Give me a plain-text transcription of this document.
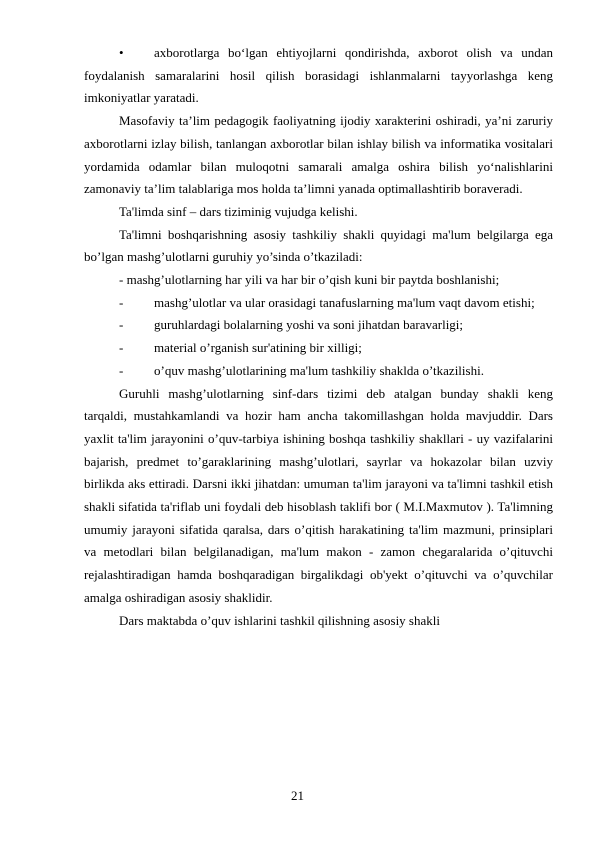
• axborotlarga bo‘lgan ehtiyojlarni qondirishda, axborot olish va undan foydalanish samaralarini hosil qilish borasidagi ishlanmalarni tayyorlashga keng imkoniyatlar yaratadi.

Masofaviy ta’lim pedagogik faoliyatning ijodiy xarakterini oshiradi, ya’ni zaruriy axborotlarni izlay bilish, tanlangan axborotlar bilan ishlay bilish va informatika vositalari yordamida odamlar bilan muloqotni samarali amalga oshira bilish yo‘nalishlarini zamonaviy ta’lim talablariga mos holda ta’limni yanada optimallashtirib boraveradi.

Ta'limda sinf – dars tiziminig vujudga kelishi.

Ta'limni boshqarishning asosiy tashkiliy shakli quyidagi ma'lum belgilarga ega bo’lgan mashg’ulotlarni guruhiy yo’sinda o’tkaziladi:

- mashg’ulotlarning har yili va har bir o’qish kuni bir paytda boshlanishi;

- mashg’ulotlar va ular orasidagi tanafuslarning ma'lum vaqt davom etishi;

- guruhlardagi bolalarning yoshi va soni jihatdan baravarligi;

- material o’rganish sur'atining bir xilligi;

- o’quv mashg’ulotlarining ma'lum tashkiliy shaklda o’tkazilishi.

Guruhli mashg’ulotlarning sinf-dars tizimi deb atalgan bunday shakli keng tarqaldi, mustahkamlandi va hozir ham ancha takomillashgan holda mavjuddir. Dars yaxlit ta'lim jarayonini o’quv-tarbiya ishining boshqa tashkiliy shakllari - uy vazifalarini bajarish, predmet to’garaklarining mashg’ulotlari, sayrlar va hokazolar bilan uzviy birlikda aks ettiradi. Darsni ikki jihatdan: umuman ta'lim jarayoni va ta'limni tashkil etish shakli sifatida ta'riflab uni foydali deb hisoblash taklifi bor ( M.I.Maxmutov ). Ta'limning umumiy jarayoni sifatida qaralsa, dars o’qitish harakatining ta'lim mazmuni, prinsiplari va metodlari bilan belgilanadigan, ma'lum makon - zamon chegaralarida o’qituvchi rejalashtiradigan hamda boshqaradigan birgalikdagi ob'yekt o’qituvchi va o’quvchilar amalga oshiradigan asosiy shaklidir.

Dars maktabda o’quv ishlarini tashkil qilishning asosiy shakli

21
